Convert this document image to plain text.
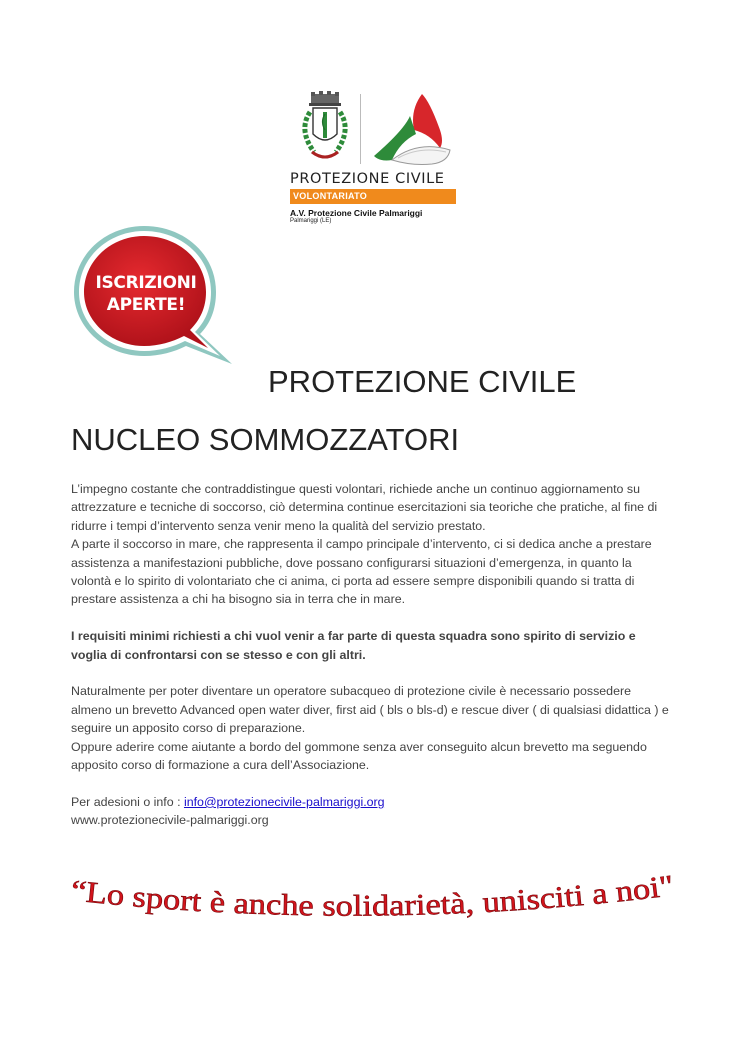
PROTEZIONE CIVILE
VOLONTARIATO
A.V. Protezione Civile Palmariggi
Palmariggi (LE)
ISCRIZIONI
APERTE!
PROTEZIONE CIVILE
NUCLEO SOMMOZZATORI

L’impegno costante che contraddistingue questi volontari, richiede anche un continuo aggiornamento su attrezzature e tecniche di soccorso, ciò determina continue esercitazioni sia teoriche che pratiche, al fine di ridurre i tempi d’intervento senza venir meno la qualità del servizio prestato.

A parte il soccorso in mare, che rappresenta il campo principale d’intervento, ci si dedica anche a prestare assistenza a manifestazioni pubbliche, dove possano configurarsi situazioni d’emergenza, in quanto la volontà e lo spirito di volontariato che ci anima, ci porta ad essere sempre disponibili quando si tratta di prestare assistenza a chi ha bisogno sia in terra che in mare.

I requisiti minimi richiesti a chi vuol venir a far parte di questa squadra sono spirito di servizio e voglia di confrontarsi con se stesso e con gli altri.

Naturalmente per poter diventare un operatore subacqueo di protezione civile è necessario possedere almeno un brevetto Advanced open water diver, first aid ( bls o bls-d) e rescue diver ( di qualsiasi didattica ) e seguire un apposito corso di preparazione.

Oppure aderire come aiutante a bordo del gommone senza aver conseguito alcun brevetto ma seguendo apposito corso di formazione a cura dell’Associazione.

Per adesioni o info : info@protezionecivile-palmariggi.org

www.protezionecivile-palmariggi.org

“Lo sport è anche solidarietà, unisciti a noi"
